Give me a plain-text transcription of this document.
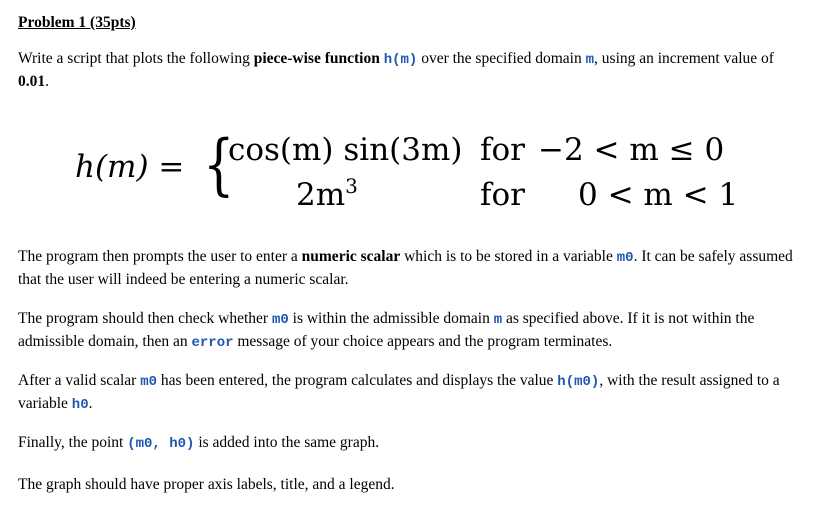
Problem 1 (35pts)

Write a script that plots the following piece-wise function h(m) over the specified domain m, using an increment value of 0.01.

h(m) = {
cos(m) sin(3m) for −2 < m ≤ 0
$2m^3$	for 0 < m < 1

The program then prompts the user to enter a numeric scalar which is to be stored in a variable m0. It can be safely assumed that the user will indeed be entering a numeric scalar.

The program should then check whether m0 is within the admissible domain m as specified above. If it is not within the admissible domain, then an error message of your choice appears and the program terminates.

After a valid scalar m0 has been entered, the program calculates and displays the value h(m0), with the result assigned to a variable h0.

Finally, the point (m0, h0) is added into the same graph.

The graph should have proper axis labels, title, and a legend.
